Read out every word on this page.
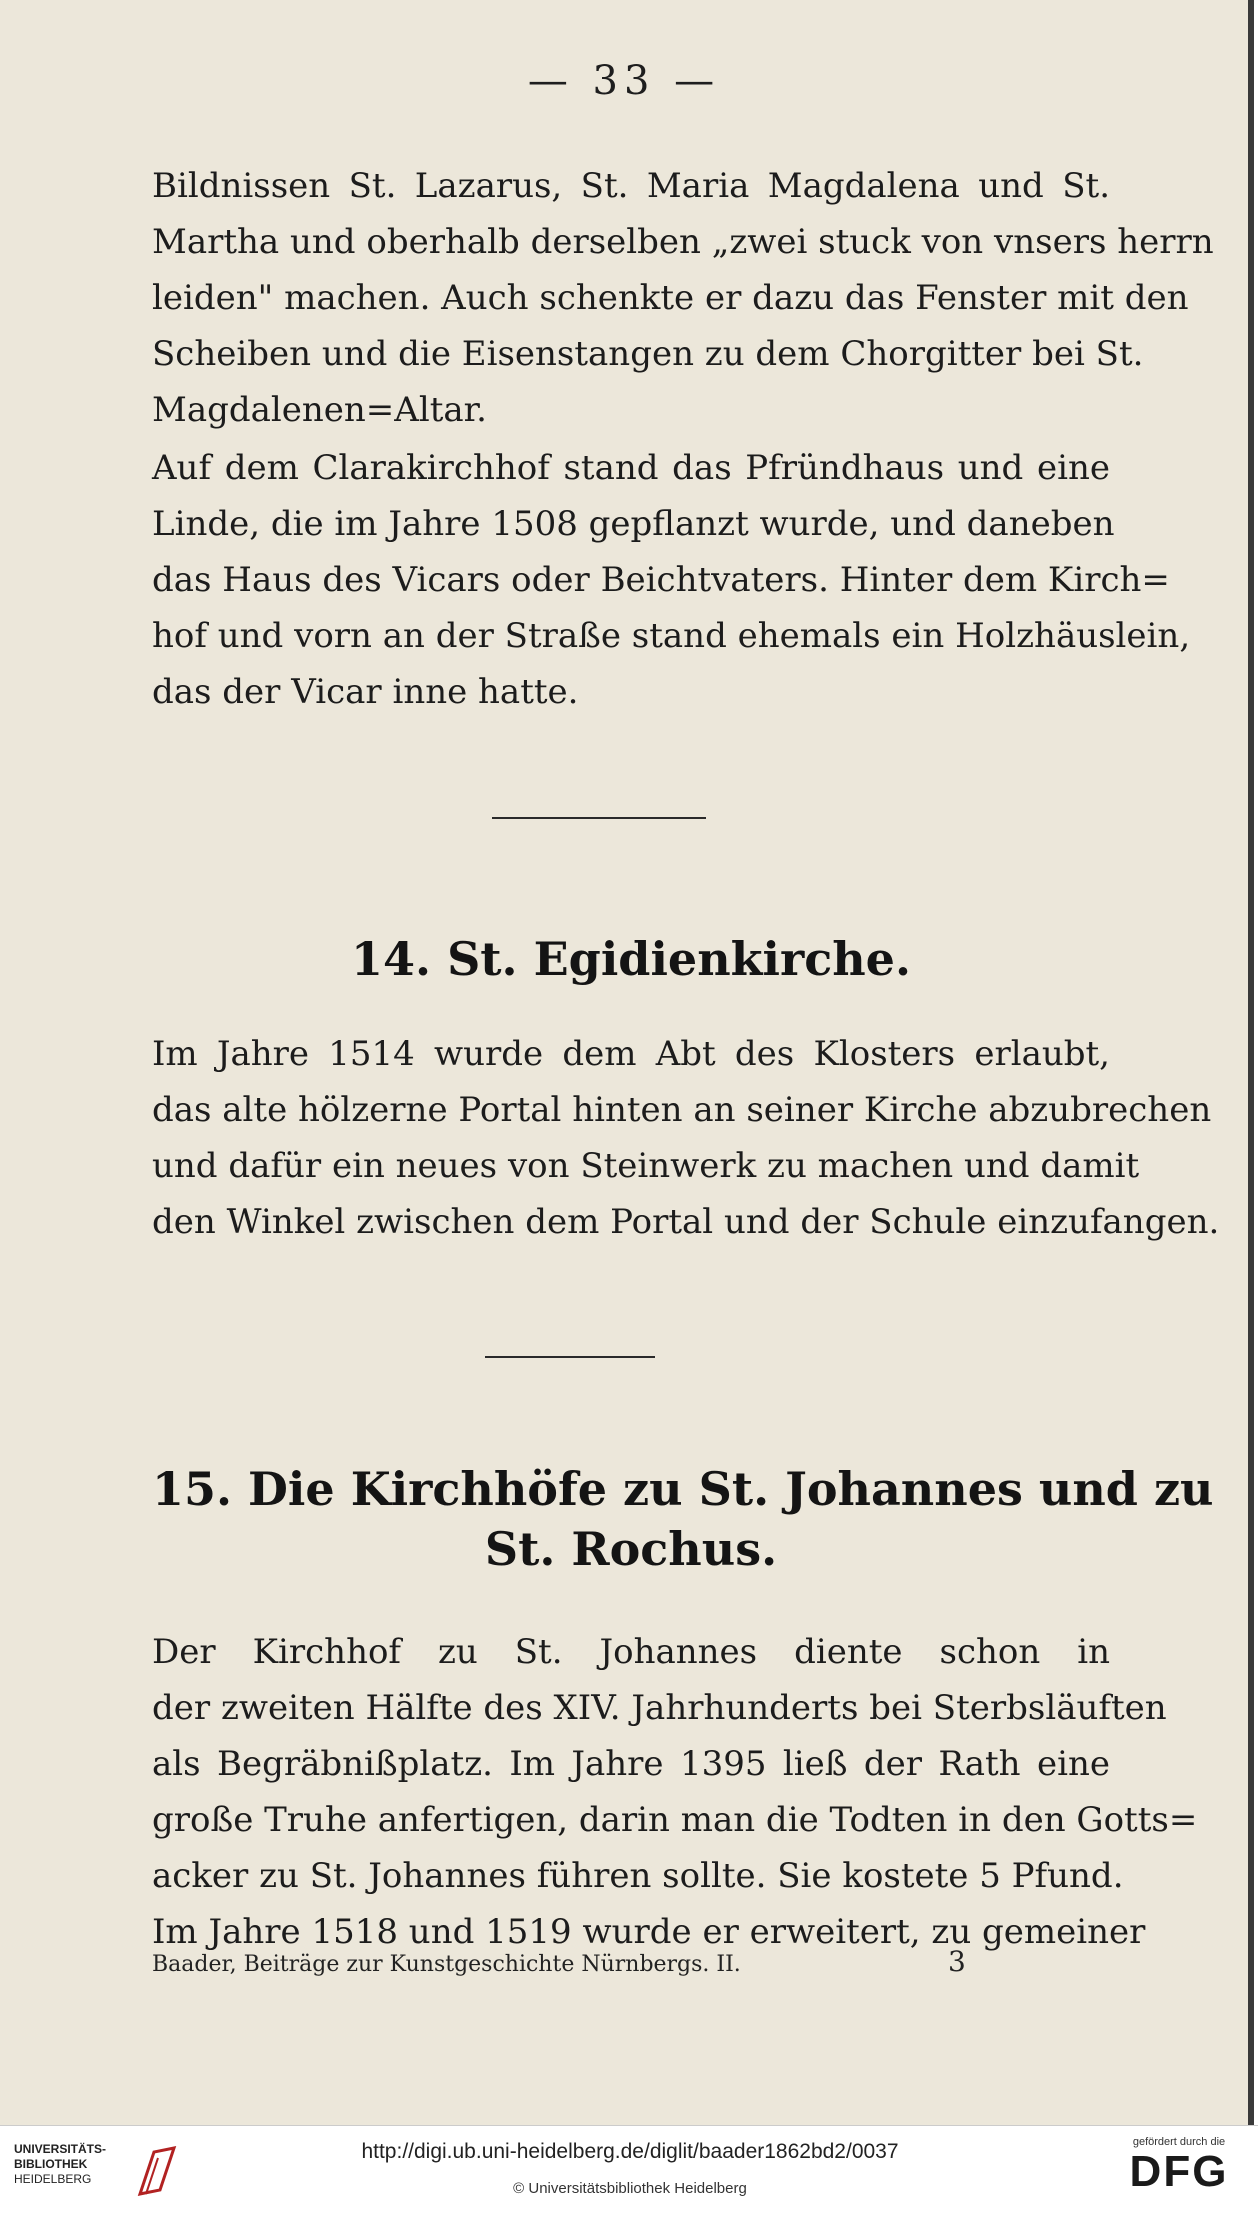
— 33 —
Bildnissen St. Lazarus, St. Maria Magdalena und St.
Martha und oberhalb derselben „zwei stuck von vnsers herrn
leiden" machen. Auch schenkte er dazu das Fenster mit den
Scheiben und die Eisenstangen zu dem Chorgitter bei St.
Magdalenen=Altar.
Auf dem Clarakirchhof stand das Pfründhaus und eine
Linde, die im Jahre 1508 gepflanzt wurde, und daneben
das Haus des Vicars oder Beichtvaters. Hinter dem Kirch=
hof und vorn an der Straße stand ehemals ein Holzhäuslein,
das der Vicar inne hatte.
14. St. Egidienkirche.
Im Jahre 1514 wurde dem Abt des Klosters erlaubt,
das alte hölzerne Portal hinten an seiner Kirche abzubrechen
und dafür ein neues von Steinwerk zu machen und damit
den Winkel zwischen dem Portal und der Schule einzufangen.
15. Die Kirchhöfe zu St. Johannes und zu
St. Rochus.
Der Kirchhof zu St. Johannes diente schon in
der zweiten Hälfte des XIV. Jahrhunderts bei Sterbsläuften
als Begräbnißplatz. Im Jahre 1395 ließ der Rath eine
große Truhe anfertigen, darin man die Todten in den Gotts=
acker zu St. Johannes führen sollte. Sie kostete 5 Pfund.
Im Jahre 1518 und 1519 wurde er erweitert, zu gemeiner
Baader, Beiträge zur Kunstgeschichte Nürnbergs. II.	3
UNIVERSITÄTS-
BIBLIOTHEK
HEIDELBERG
http://digi.ub.uni-heidelberg.de/diglit/baader1862bd2/0037
© Universitätsbibliothek Heidelberg
gefördert durch die
DFG
